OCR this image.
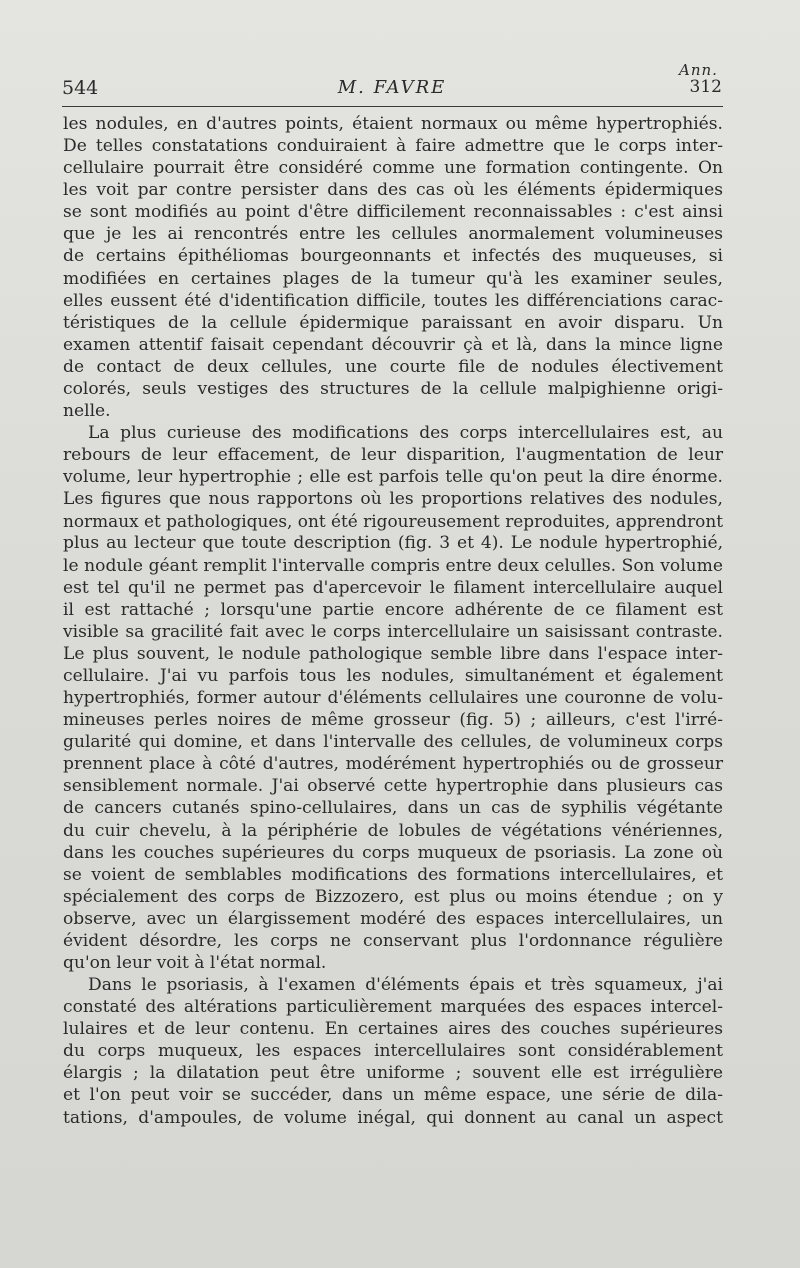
Ann.
544	M. FAVRE	312
les nodules, en d'autres points, étaient normaux ou même hypertrophiés.
De telles constatations conduiraient à faire admettre que le corps inter-
cellulaire pourrait être considéré comme une formation contingente. On
les voit par contre persister dans des cas où les éléments épidermiques
se sont modifiés au point d'être difficilement reconnaissables : c'est ainsi
que je les ai rencontrés entre les cellules anormalement volumineuses
de certains épithéliomas bourgeonnants et infectés des muqueuses, si
modifiées en certaines plages de la tumeur qu'à les examiner seules,
elles eussent été d'identification difficile, toutes les différenciations carac-
téristiques de la cellule épidermique paraissant en avoir disparu. Un
examen attentif faisait cependant découvrir çà et là, dans la mince ligne
de contact de deux cellules, une courte file de nodules électivement
colorés, seuls vestiges des structures de la cellule malpighienne origi-
nelle.
La plus curieuse des modifications des corps intercellulaires est, au
rebours de leur effacement, de leur disparition, l'augmentation de leur
volume, leur hypertrophie ; elle est parfois telle qu'on peut la dire énorme.
Les figures que nous rapportons où les proportions relatives des nodules,
normaux et pathologiques, ont été rigoureusement reproduites, apprendront
plus au lecteur que toute description (fig. 3 et 4). Le nodule hypertrophié,
le nodule géant remplit l'intervalle compris entre deux celulles. Son volume
est tel qu'il ne permet pas d'apercevoir le filament intercellulaire auquel
il est rattaché ; lorsqu'une partie encore adhérente de ce filament est
visible sa gracilité fait avec le corps intercellulaire un saisissant contraste.
Le plus souvent, le nodule pathologique semble libre dans l'espace inter-
cellulaire. J'ai vu parfois tous les nodules, simultanément et également
hypertrophiés, former autour d'éléments cellulaires une couronne de volu-
mineuses perles noires de même grosseur (fig. 5) ; ailleurs, c'est l'irré-
gularité qui domine, et dans l'intervalle des cellules, de volumineux corps
prennent place à côté d'autres, modérément hypertrophiés ou de grosseur
sensiblement normale. J'ai observé cette hypertrophie dans plusieurs cas
de cancers cutanés spino-cellulaires, dans un cas de syphilis végétante
du cuir chevelu, à la périphérie de lobules de végétations vénériennes,
dans les couches supérieures du corps muqueux de psoriasis. La zone où
se voient de semblables modifications des formations intercellulaires, et
spécialement des corps de Bizzozero, est plus ou moins étendue ; on y
observe, avec un élargissement modéré des espaces intercellulaires, un
évident désordre, les corps ne conservant plus l'ordonnance régulière
qu'on leur voit à l'état normal.
Dans le psoriasis, à l'examen d'éléments épais et très squameux, j'ai
constaté des altérations particulièrement marquées des espaces intercel-
lulaires et de leur contenu. En certaines aires des couches supérieures
du corps muqueux, les espaces intercellulaires sont considérablement
élargis ; la dilatation peut être uniforme ; souvent elle est irrégulière
et l'on peut voir se succéder, dans un même espace, une série de dila-
tations, d'ampoules, de volume inégal, qui donnent au canal un aspect
